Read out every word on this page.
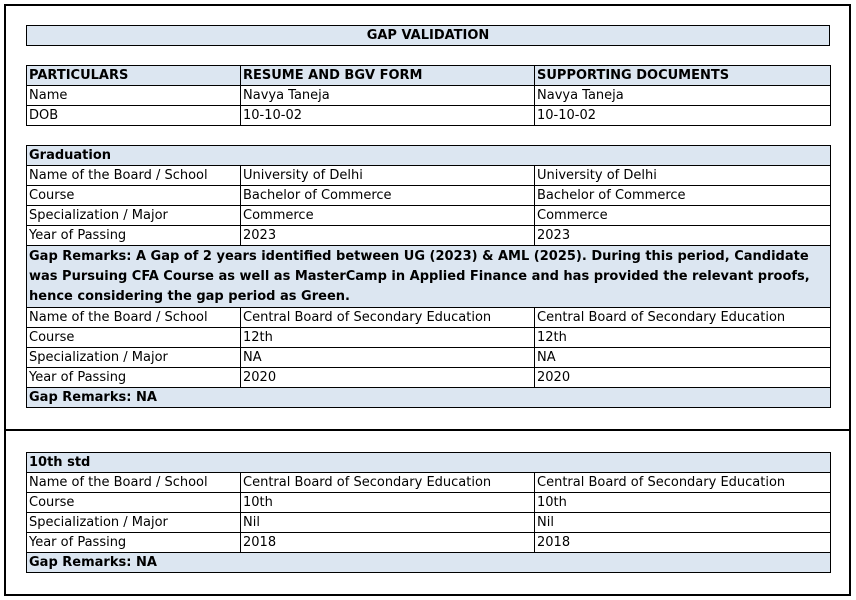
GAP VALIDATION
PARTICULARS	RESUME AND BGV FORM	SUPPORTING DOCUMENTS
Name	Navya Taneja	Navya Taneja
DOB	10-10-02	10-10-02
Graduation		
Name of the Board / School	University of Delhi	University of Delhi
Course	Bachelor of Commerce	Bachelor of Commerce
Specialization / Major	Commerce	Commerce
Year of Passing	2023	2023
Gap Remarks: A Gap of 2 years identified between UG (2023) & AML (2025). During this period, Candidate was Pursuing CFA Course as well as MasterCamp in Applied Finance and has provided the relevant proofs, hence considering the gap period as Green.		
Name of the Board / School	Central Board of Secondary Education	Central Board of Secondary Education
Course	12th	12th
Specialization / Major	NA	NA
Year of Passing	2020	2020
Gap Remarks: NA		
10th std		
Name of the Board / School	Central Board of Secondary Education	Central Board of Secondary Education
Course	10th	10th
Specialization / Major	Nil	Nil
Year of Passing	2018	2018
Gap Remarks: NA		
